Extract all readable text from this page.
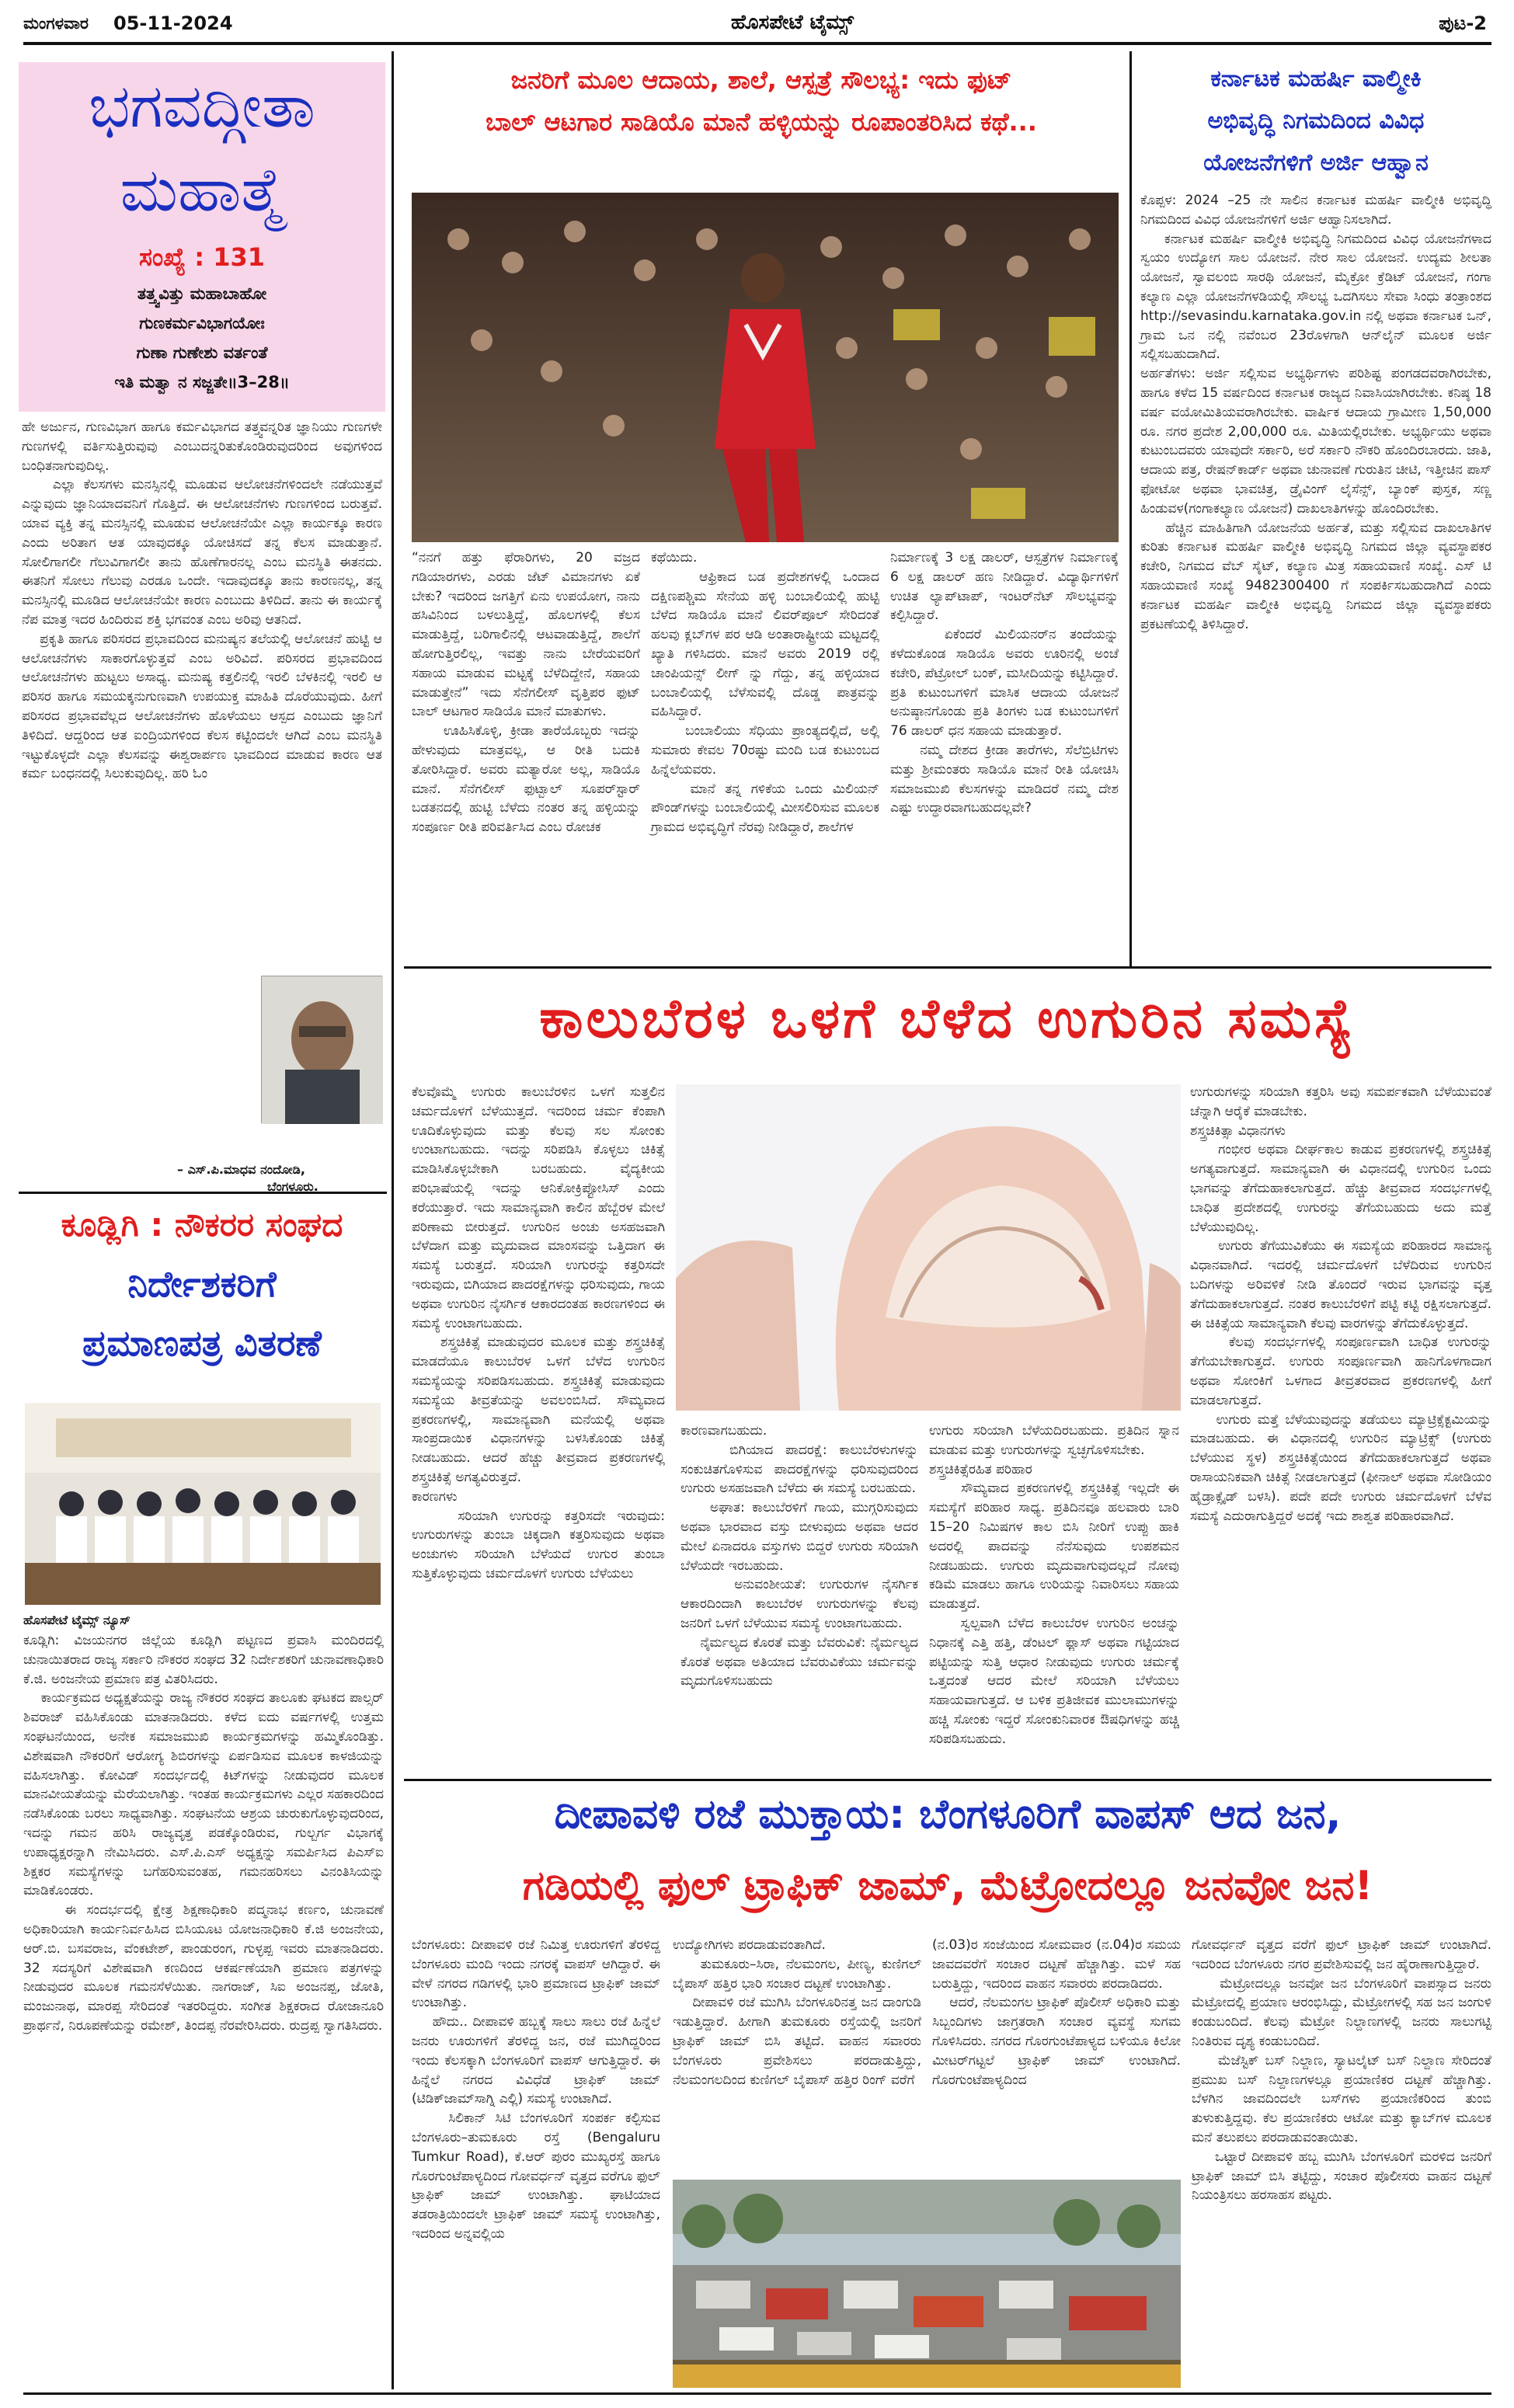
ಮಂಗಳವಾರ 05-11-2024	ಹೊಸಪೇಟೆ ಟೈಮ್ಸ್	ಪುಟ-2
ಭಗವದ್ಗೀತಾ
ಮಹಾತ್ಮೆ
ಸಂಖ್ಯೆ : 131
ತತ್ತ್ವವಿತ್ತು ಮಹಾಬಾಹೋ
ಗುಣಕರ್ಮವಿಭಾಗಯೋಃ
ಗುಣಾ ಗುಣೇಶು ವರ್ತಂತೆ
ಇತಿ ಮತ್ವಾ ನ ಸಜ್ಜತೇ॥3–28॥
ಹೇ ಅರ್ಜುನ, ಗುಣವಿಭಾಗ ಹಾಗೂ ಕರ್ಮವಿಭಾಗದ ತತ್ತ್ವವನ್ನರಿತ ಜ್ಞಾನಿಯು ಗುಣಗಳೇ ಗುಣಗಳಲ್ಲಿ ವರ್ತಿಸುತ್ತಿರುವುವು ಎಂಬುದನ್ನರಿತುಕೊಂಡಿರುವುದರಿಂದ ಅವುಗಳಿಂದ ಬಂಧಿತನಾಗುವುದಿಲ್ಲ.
ಎಲ್ಲಾ ಕೆಲಸಗಳು ಮನಸ್ಸಿನಲ್ಲಿ ಮೂಡುವ ಆಲೋಚನೆಗಳಿಂದಲೇ ನಡೆಯುತ್ತವೆ ಎನ್ನುವುದು ಜ್ಞಾನಿಯಾದವನಿಗೆ ಗೊತ್ತಿದೆ. ಈ ಆಲೋಚನೆಗಳು ಗುಣಗಳಿಂದ ಬರುತ್ತವೆ. ಯಾವ ವ್ಯಕ್ತಿ ತನ್ನ ಮನಸ್ಸಿನಲ್ಲಿ ಮೂಡುವ ಆಲೋಚನೆಯೇ ಎಲ್ಲಾ ಕಾರ್ಯಕ್ಕೂ ಕಾರಣ ಎಂದು ಅರಿತಾಗ ಆತ ಯಾವುದಕ್ಕೂ ಯೋಚಿಸದೆ ತನ್ನ ಕೆಲಸ ಮಾಡುತ್ತಾನೆ. ಸೋಲಿಗಾಗಲೀ ಗೆಲುವಿಗಾಗಲೀ ತಾನು ಹೊಣೆಗಾರನಲ್ಲ ಎಂಬ ಮನಸ್ಥಿತಿ ಈತನದು. ಈತನಿಗೆ ಸೋಲು ಗೆಲುವು ಎರಡೂ ಒಂದೇ. ಇದಾವುದಕ್ಕೂ ತಾನು ಕಾರಣನಲ್ಲ, ತನ್ನ ಮನಸ್ಸಿನಲ್ಲಿ ಮೂಡಿದ ಆಲೋಚನೆಯೇ ಕಾರಣ ಎಂಬುದು ತಿಳಿದಿದೆ. ತಾನು ಈ ಕಾರ್ಯಕ್ಕೆ ನೆಪ ಮಾತ್ರ ಇದರ ಹಿಂದಿರುವ ಶಕ್ತಿ ಭಗವಂತ ಎಂಬ ಅರಿವು ಆತನಿದೆ.
ಪ್ರಕೃತಿ ಹಾಗೂ ಪರಿಸರದ ಪ್ರಭಾವದಿಂದ ಮನುಷ್ಯನ ತಲೆಯಲ್ಲಿ ಆಲೋಚನೆ ಹುಟ್ಟಿ ಆ ಆಲೋಚನೆಗಳು ಸಾಕಾರಗೊಳ್ಳುತ್ತವೆ ಎಂಬ ಅರಿವಿದೆ. ಪರಿಸರದ ಪ್ರಭಾವದಿಂದ ಆಲೋಚನೆಗಳು ಹುಟ್ಟಲು ಅಸಾಧ್ಯ. ಮನುಷ್ಯ ಕತ್ತಲಿನಲ್ಲಿ ಇರಲಿ ಬೆಳಕಿನಲ್ಲಿ ಇರಲಿ ಆ ಪರಿಸರ ಹಾಗೂ ಸಮಯಕ್ಕನುಗುಣವಾಗಿ ಉಪಯುಕ್ತ ಮಾಹಿತಿ ದೊರೆಯುವುದು. ಹೀಗೆ ಪರಿಸರದ ಪ್ರಭಾವವೆಲ್ಲದ ಆಲೋಚನೆಗಳು ಹೊಳೆಯಲು ಆಸ್ಪದ ಎಂಬುದು ಜ್ಞಾನಿಗೆ ತಿಳಿದಿದೆ. ಆದ್ದರಿಂದ ಆತ ಐಂದ್ರಿಯಗಳಿಂದ ಕೆಲಸ ಕಟ್ಟಿಂದಲೇ ಆಗಿದೆ ಎಂಬ ಮನಸ್ಥಿತಿ ಇಟ್ಟುಕೊಳ್ಳದೇ ಎಲ್ಲಾ ಕೆಲಸವನ್ನು ಈಶ್ವರಾರ್ಪಣ ಭಾವದಿಂದ ಮಾಡುವ ಕಾರಣ ಆತ ಕರ್ಮ ಬಂಧನದಲ್ಲಿ ಸಿಲುಕುವುದಿಲ್ಲ. ಹರಿ ಓಂ
– ಎಸ್.ಪಿ.ಮಾಧವ ನಂದೋಡಿ,
ಬೆಂಗಳೂರು.
ಕೂಡ್ಲಿಗಿ : ನೌಕರರ ಸಂಘದ
ನಿರ್ದೇಶಕರಿಗೆ
ಪ್ರಮಾಣಪತ್ರ ವಿತರಣೆ
ಹೊಸಪೇಟೆ ಟೈಮ್ಸ್ ನ್ಯೂಸ್
ಕೂಡ್ಲಿಗಿ: ವಿಜಯನಗರ ಜಿಲ್ಲೆಯ ಕೂಡ್ಲಿಗಿ ಪಟ್ಟಣದ ಪ್ರವಾಸಿ ಮಂದಿರದಲ್ಲಿ ಚುನಾಯಿತರಾದ ರಾಜ್ಯ ಸರ್ಕಾರಿ ನೌಕರರ ಸಂಘದ 32 ನಿರ್ದೇಶಕರಿಗೆ ಚುನಾವಣಾಧಿಕಾರಿ ಕೆ.ಜಿ. ಅಂಜನೇಯ ಪ್ರಮಾಣ ಪತ್ರ ವಿತರಿಸಿದರು.
ಕಾರ್ಯಕ್ರಮದ ಅಧ್ಯಕ್ಷತೆಯನ್ನು ರಾಜ್ಯ ನೌಕರರ ಸಂಘದ ತಾಲೂಕು ಘಟಕದ ಪಾಲ್ಸರ್ ಶಿವರಾಜ್ ವಹಿಸಿಕೊಂಡು ಮಾತನಾಡಿದರು. ಕಳೆದ ಐದು ವರ್ಷಗಳಲ್ಲಿ ಉತ್ತಮ ಸಂಘಟನೆಯಿಂದ, ಅನೇಕ ಸಮಾಜಮುಖಿ ಕಾರ್ಯಕ್ರಮಗಳನ್ನು ಹಮ್ಮಿಕೊಂಡಿತ್ತು. ವಿಶೇಷವಾಗಿ ನೌಕರರಿಗೆ ಆರೋಗ್ಯ ಶಿಬಿರಗಳನ್ನು ಏರ್ಪಡಿಸುವ ಮೂಲಕ ಕಾಳಜಿಯನ್ನು ವಹಿಸಲಾಗಿತ್ತು. ಕೋವಿಡ್ ಸಂದರ್ಭದಲ್ಲಿ ಕಿಟ್‌ಗಳನ್ನು ನೀಡುವುದರ ಮೂಲಕ ಮಾನವೀಯತೆಯನ್ನು ಮೆರೆಯಲಾಗಿತ್ತು. ಇಂತಹ ಕಾರ್ಯಕ್ರಮಗಳು ಎಲ್ಲರ ಸಹಕಾರದಿಂದ ನಡೆಸಿಕೊಂಡು ಬರಲು ಸಾಧ್ಯವಾಗಿತ್ತು. ಸಂಘಟನೆಯ ಆಶ್ರಯ ಚುರುಕುಗೊಳ್ಳುವುದರಿಂದ, ಇದನ್ನು ಗಮನ ಹರಿಸಿ ರಾಜ್ಯವೃತ್ತ ಪಡಕ್ಕೊಂಡಿರುವ, ಗುಲ್ಬರ್ಗ ವಿಭಾಗಕ್ಕೆ ಉಪಾಧ್ಯಕ್ಷರನ್ನಾಗಿ ನೇಮಿಸಿದರು. ಎಸ್.ಪಿ.ಎಸ್ ಅಧ್ಯಕ್ಷನ್ನು ಸಮರ್ಪಿಸಿದ ಪಿಎಸ್ಐ ಶಿಕ್ಷಕರ ಸಮಸ್ಯೆಗಳನ್ನು ಬಗೆಹರಿಸುವಂತಹ, ಗಮನಹರಿಸಲು ವಿನಂತಿಸಿಯನ್ನು ಮಾಡಿಕೊಂಡರು.
ಈ ಸಂದರ್ಭದಲ್ಲಿ ಕ್ಷೇತ್ರ ಶಿಕ್ಷಣಾಧಿಕಾರಿ ಪದ್ಮನಾಭ ಕರ್ಣಂ, ಚುನಾವಣೆ ಅಧಿಕಾರಿಯಾಗಿ ಕಾರ್ಯನಿರ್ವಹಿಸಿದ ಬಿಸಿಯೂಟ ಯೋಜನಾಧಿಕಾರಿ ಕೆ.ಜಿ ಅಂಜನೇಯ, ಆರ್.ಬಿ. ಬಸವರಾಜ, ವೆಂಕಟೇಶ್, ಪಾಂಡುರಂಗ, ಗುಳ್ಳಪ್ಪ ಇವರು ಮಾತನಾಡಿದರು. 32 ಸದಸ್ಯರಿಗೆ ವಿಶೇಷವಾಗಿ ಕಣದಿಂದ ಆಕರ್ಷಣೆಯಾಗಿ ಪ್ರಮಾಣ ಪತ್ರಗಳನ್ನು ನೀಡುವುದರ ಮೂಲಕ ಗಮನಸೆಳೆಯಿತು. ನಾಗರಾಜ್, ಸಿಐ ಅಂಜನಪ್ಪ, ಜೋತಿ, ಮಂಜುನಾಥ, ಮಾರಪ್ಪ ಸೇರಿದಂತೆ ಇತರರಿದ್ದರು. ಸಂಗೀತ ಶಿಕ್ಷಕರಾದ ರೋಜಾನೂರಿ ಪ್ರಾರ್ಥನೆ, ನಿರೂಪಣೆಯನ್ನು ರಮೇಶ್, ತಿಂದಪ್ಪ ನೆರವೇರಿಸಿದರು. ರುದ್ರಪ್ಪ ಸ್ವಾಗತಿಸಿದರು.
ಜನರಿಗೆ ಮೂಲ ಆದಾಯ, ಶಾಲೆ, ಆಸ್ಪತ್ರೆ ಸೌಲಭ್ಯ: ಇದು ಫುಟ್
ಬಾಲ್ ಆಟಗಾರ ಸಾಡಿಯೊ ಮಾನೆ ಹಳ್ಳಿಯನ್ನು ರೂಪಾಂತರಿಸಿದ ಕಥೆ...
“ನನಗೆ ಹತ್ತು ಫೆರಾರಿಗಳು, 20 ವಜ್ರದ ಗಡಿಯಾರಗಳು, ಎರಡು ಜೆಟ್ ವಿಮಾನಗಳು ಏಕೆ ಬೇಕು? ಇದರಿಂದ ಜಗತ್ತಿಗೆ ಏನು ಉಪಯೋಗ, ನಾನು ಹಸಿವಿನಿಂದ ಬಳಲುತ್ತಿದ್ದೆ, ಹೊಲಗಳಲ್ಲಿ ಕೆಲಸ ಮಾಡುತ್ತಿದ್ದೆ, ಬರಿಗಾಲಿನಲ್ಲಿ ಆಟವಾಡುತ್ತಿದ್ದೆ, ಶಾಲೆಗೆ ಹೋಗುತ್ತಿರಲಿಲ್ಲ, ಇವತ್ತು ನಾನು ಬೇರೆಯವರಿಗೆ ಸಹಾಯ ಮಾಡುವ ಮಟ್ಟಕ್ಕೆ ಬೆಳೆದಿದ್ದೇನೆ, ಸಹಾಯ ಮಾಡುತ್ತೇನೆ” ಇದು ಸೆನೆಗಲೀಸ್ ವೃತ್ತಿಪರ ಫುಟ್ ಬಾಲ್ ಆಟಗಾರ ಸಾಡಿಯೊ ಮಾನೆ ಮಾತುಗಳು.
ಊಹಿಸಿಕೊಳ್ಳಿ, ಕ್ರೀಡಾ ತಾರೆಯೊಬ್ಬರು ಇದನ್ನು ಹೇಳುವುದು ಮಾತ್ರವಲ್ಲ, ಆ ರೀತಿ ಬದುಕಿ ತೋರಿಸಿದ್ದಾರೆ. ಅವರು ಮತ್ಯಾರೋ ಅಲ್ಲ, ಸಾಡಿಯೊ ಮಾನೆ. ಸೆನೆಗಲೀಸ್ ಫುಟ್ಬಾಲ್ ಸೂಪರ್‌ಸ್ಟಾರ್ ಬಡತನದಲ್ಲಿ ಹುಟ್ಟಿ ಬೆಳೆದು ನಂತರ ತನ್ನ ಹಳ್ಳಿಯನ್ನು ಸಂಪೂರ್ಣ ರೀತಿ ಪರಿವರ್ತಿಸಿದ ಎಂಬ ರೋಚಕ
ಕಥೆಯಿದು.
ಆಫ್ರಿಕಾದ ಬಡ ಪ್ರದೇಶಗಳಲ್ಲಿ ಒಂದಾದ ದಕ್ಷಿಣಪಶ್ಚಿಮ ಸೇನೆಯ ಹಳ್ಳಿ ಬಂಬಾಲಿಯಲ್ಲಿ ಹುಟ್ಟಿ ಬೆಳೆದ ಸಾಡಿಯೊ ಮಾನೆ ಲಿವರ್‌ಪೂಲ್ ಸೇರಿದಂತೆ ಹಲವು ಕ್ಲಬ್‌ಗಳ ಪರ ಆಡಿ ಅಂತಾರಾಷ್ಟ್ರೀಯ ಮಟ್ಟದಲ್ಲಿ ಖ್ಯಾತಿ ಗಳಿಸಿದರು. ಮಾನೆ ಅವರು 2019 ರಲ್ಲಿ ಚಾಂಪಿಯನ್ಸ್ ಲೀಗ್ ನ್ನು ಗೆದ್ದು, ತನ್ನ ಹಳ್ಳಿಯಾದ ಬಂಬಾಲಿಯಲ್ಲಿ ಬೆಳೆಸುವಲ್ಲಿ ದೊಡ್ಡ ಪಾತ್ರವನ್ನು ವಹಿಸಿದ್ದಾರೆ.
ಬಂಬಾಲಿಯು ಸೆಧಿಯು ಪ್ರಾಂತ್ಯದಲ್ಲಿದೆ, ಅಲ್ಲಿ ಸುಮಾರು ಕೇವಲ 70ರಷ್ಟು ಮಂದಿ ಬಡ ಕುಟುಂಬದ ಹಿನ್ನೆಲೆಯವರು.
ಮಾನೆ ತನ್ನ ಗಳಿಕೆಯ ಒಂದು ಮಿಲಿಯನ್ ಪೌಂಡ್‌ಗಳನ್ನು ಬಂಬಾಲಿಯಲ್ಲಿ ಮೀಸಲಿರಿಸುವ ಮೂಲಕ ಗ್ರಾಮದ ಅಭಿವೃದ್ಧಿಗೆ ನೆರವು ನೀಡಿದ್ದಾರೆ, ಶಾಲೆಗಳ
ನಿರ್ಮಾಣಕ್ಕೆ 3 ಲಕ್ಷ ಡಾಲರ್, ಆಸ್ಪತ್ರೆಗಳ ನಿರ್ಮಾಣಕ್ಕೆ 6 ಲಕ್ಷ ಡಾಲರ್ ಹಣ ನೀಡಿದ್ದಾರೆ. ವಿದ್ಯಾರ್ಥಿಗಳಿಗೆ ಉಚಿತ ಲ್ಯಾಪ್‌ಟಾಪ್, ಇಂಟರ್‌ನೆಟ್ ಸೌಲಭ್ಯವನ್ನು ಕಲ್ಪಿಸಿದ್ದಾರೆ.
ಏಕೆಂದರೆ ಮಿಲಿಯನರ್‌ನ ತಂದೆಯನ್ನು ಕಳೆದುಕೊಂಡ ಸಾಡಿಯೊ ಅವರು ಊರಿನಲ್ಲಿ ಅಂಚೆ ಕಚೇರಿ, ಪೆಟ್ರೋಲ್ ಬಂಕ್, ಮಸೀದಿಯನ್ನು ಕಟ್ಟಿಸಿದ್ದಾರೆ. ಪ್ರತಿ ಕುಟುಂಬಗಳಿಗೆ ಮಾಸಿಕ ಆದಾಯ ಯೋಜನೆ ಅನುಷ್ಠಾನಗೊಂಡು ಪ್ರತಿ ತಿಂಗಳು ಬಡ ಕುಟುಂಬಗಳಿಗೆ 76 ಡಾಲರ್ ಧನ ಸಹಾಯ ಮಾಡುತ್ತಾರೆ.
ನಮ್ಮ ದೇಶದ ಕ್ರೀಡಾ ತಾರೆಗಳು, ಸೆಲೆಬ್ರಿಟಿಗಳು ಮತ್ತು ಶ್ರೀಮಂತರು ಸಾಡಿಯೊ ಮಾನೆ ರೀತಿ ಯೋಚಿಸಿ ಸಮಾಜಮುಖಿ ಕೆಲಸಗಳನ್ನು ಮಾಡಿದರೆ ನಮ್ಮ ದೇಶ ಎಷ್ಟು ಉದ್ಧಾರವಾಗಬಹುದಲ್ಲವೇ?
ಕರ್ನಾಟಕ ಮಹರ್ಷಿ ವಾಲ್ಮೀಕಿ
ಅಭಿವೃದ್ಧಿ ನಿಗಮದಿಂದ ವಿವಿಧ
ಯೋಜನೆಗಳಿಗೆ ಅರ್ಜಿ ಆಹ್ವಾನ
ಕೊಪ್ಪಳ: 2024 –25 ನೇ ಸಾಲಿನ ಕರ್ನಾಟಕ ಮಹರ್ಷಿ ವಾಲ್ಮೀಕಿ ಅಭಿವೃದ್ಧಿ ನಿಗಮದಿಂದ ವಿವಿಧ ಯೋಜನೆಗಳಿಗೆ ಅರ್ಜಿ ಆಹ್ವಾನಿಸಲಾಗಿದೆ.
ಕರ್ನಾಟಕ ಮಹರ್ಷಿ ವಾಲ್ಮೀಕಿ ಅಭಿವೃದ್ಧಿ ನಿಗಮದಿಂದ ವಿವಿಧ ಯೋಜನೆಗಳಾದ ಸ್ವಯಂ ಉದ್ಯೋಗ ಸಾಲ ಯೋಜನೆ. ನೇರ ಸಾಲ ಯೋಜನೆ. ಉದ್ಯಮ ಶೀಲತಾ ಯೋಜನೆ, ಸ್ವಾವಲಂಬಿ ಸಾರಥಿ ಯೋಜನೆ, ಮೈಕ್ರೋ ಕ್ರೆಡಿಟ್ ಯೋಜನೆ, ಗಂಗಾ ಕಲ್ಯಾಣ ಎಲ್ಲಾ ಯೋಜನೆಗಳಡಿಯಲ್ಲಿ ಸೌಲಭ್ಯ ಒದಗಿಸಲು ಸೇವಾ ಸಿಂಧು ತಂತ್ರಾಂಶದ http://sevasindu.karnataka.gov.in ನಲ್ಲಿ ಅಥವಾ ಕರ್ನಾಟಕ ಒನ್, ಗ್ರಾಮ ಒನ ನಲ್ಲಿ ನವೆಂಬರ 23ರೊಳಗಾಗಿ ಆನ್‌ಲೈನ್ ಮೂಲಕ ಅರ್ಜಿ ಸಲ್ಲಿಸಬಹುದಾಗಿದೆ.
ಅರ್ಹತೆಗಳು: ಅರ್ಜಿ ಸಲ್ಲಿಸುವ ಅಭ್ಯರ್ಥಿಗಳು ಪರಿಶಿಷ್ಟ ಪಂಗಡದವರಾಗಿರಬೇಕು, ಹಾಗೂ ಕಳೆದ 15 ವರ್ಷದಿಂದ ಕರ್ನಾಟಕ ರಾಜ್ಯದ ನಿವಾಸಿಯಾಗಿರಬೇಕು. ಕನಿಷ್ಠ 18 ವರ್ಷ ವಯೋಮಿತಿಯವರಾಗಿರಬೇಕು. ವಾರ್ಷಿಕ ಆದಾಯ ಗ್ರಾಮೀಣ 1,50,000 ರೂ. ನಗರ ಪ್ರದೇಶ 2,00,000 ರೂ. ಮಿತಿಯಲ್ಲಿರಬೇಕು. ಅಭ್ಯರ್ಥಿಯು ಅಥವಾ ಕುಟುಂಬದವರು ಯಾವುದೇ ಸರ್ಕಾರಿ, ಅರೆ ಸರ್ಕಾರಿ ನೌಕರಿ ಹೊಂದಿರಬಾರದು. ಜಾತಿ, ಆದಾಯ ಪತ್ರ, ರೇಷನ್‌ಕಾರ್ಡ್ ಅಥವಾ ಚುನಾವಣೆ ಗುರುತಿನ ಚೀಟಿ, ಇತ್ತೀಚಿನ ಪಾಸ್ ಫೋಟೋ ಅಥವಾ ಭಾವಚಿತ್ರ, ಡ್ರೈವಿಂಗ್ ಲೈಸೆನ್ಸ್, ಬ್ಯಾಂಕ್ ಪುಸ್ತಕ, ಸಣ್ಣ ಹಿಂಡುವಳ(ಗಂಗಾಕಲ್ಯಾಣ ಯೋಜನೆ) ದಾಖಲಾತಿಗಳನ್ನು ಹೊಂದಿರಬೇಕು.
ಹೆಚ್ಚಿನ ಮಾಹಿತಿಗಾಗಿ ಯೋಜನೆಯ ಅರ್ಹತೆ, ಮತ್ತು ಸಲ್ಲಿಸುವ ದಾಖಲಾತಿಗಳ ಕುರಿತು ಕರ್ನಾಟಕ ಮಹರ್ಷಿ ವಾಲ್ಮೀಕಿ ಅಭಿವೃದ್ಧಿ ನಿಗಮದ ಜಿಲ್ಲಾ ವ್ಯವಸ್ಥಾಪಕರ ಕಚೇರಿ, ನಿಗಮದ ವೆಬ್ ಸೈಟ್, ಕಲ್ಯಾಣ ಮಿತ್ರ ಸಹಾಯವಾಣಿ ಸಂಖ್ಯೆ. ಎಸ್ ಟಿ ಸಹಾಯವಾಣಿ ಸಂಖ್ಯೆ 9482300400 ಗೆ ಸಂಪರ್ಕಿಸಬಹುದಾಗಿದೆ ಎಂದು ಕರ್ನಾಟಕ ಮಹರ್ಷಿ ವಾಲ್ಮೀಕಿ ಅಭಿವೃದ್ಧಿ ನಿಗಮದ ಜಿಲ್ಲಾ ವ್ಯವಸ್ಥಾಪಕರು ಪ್ರಕಟಣೆಯಲ್ಲಿ ತಿಳಿಸಿದ್ದಾರೆ.
ಕಾಲುಬೆರಳ ಒಳಗೆ ಬೆಳೆದ ಉಗುರಿನ ಸಮಸ್ಯೆ
ಕೆಲವೊಮ್ಮೆ ಉಗುರು ಕಾಲುಬೆರಳಿನ ಒಳಗೆ ಸುತ್ತಲಿನ ಚರ್ಮದೊಳಗೆ ಬೆಳೆಯುತ್ತದೆ. ಇದರಿಂದ ಚರ್ಮ ಕೆಂಪಾಗಿ ಊದಿಕೊಳ್ಳುವುದು ಮತ್ತು ಕೆಲವು ಸಲ ಸೋಂಕು ಉಂಟಾಗಬಹುದು. ಇದನ್ನು ಸರಿಪಡಿಸಿ ಕೊಳ್ಳಲು ಚಿಕಿತ್ಸೆ ಮಾಡಿಸಿಕೊಳ್ಳಬೇಕಾಗಿ ಬರಬಹುದು. ವೈದ್ಯಕೀಯ ಪರಿಭಾಷೆಯಲ್ಲಿ ಇದನ್ನು ಆನಿಕೋಕ್ರಿಪ್ಟೋಸಿಸ್ ಎಂದು ಕರೆಯುತ್ತಾರೆ. ಇದು ಸಾಮಾನ್ಯವಾಗಿ ಕಾಲಿನ ಹೆಬ್ಬೆರಳ ಮೇಲೆ ಪರಿಣಾಮ ಬೀರುತ್ತದೆ. ಉಗುರಿನ ಅಂಚು ಅಸಹಜವಾಗಿ ಬೆಳೆದಾಗ ಮತ್ತು ಮೃದುವಾದ ಮಾಂಸವನ್ನು ಒತ್ತಿದಾಗ ಈ ಸಮಸ್ಯೆ ಬರುತ್ತದೆ. ಸರಿಯಾಗಿ ಉಗುರನ್ನು ಕತ್ತರಿಸದೇ ಇರುವುದು, ಬಿಗಿಯಾದ ಪಾದರಕ್ಷೆಗಳನ್ನು ಧರಿಸುವುದು, ಗಾಯ ಅಥವಾ ಉಗುರಿನ ನೈಸರ್ಗಿಕ ಆಕಾರದಂತಹ ಕಾರಣಗಳಿಂದ ಈ ಸಮಸ್ಯೆ ಉಂಟಾಗಬಹುದು.
ಶಸ್ತ್ರಚಿಕಿತ್ಸೆ ಮಾಡುವುದರ ಮೂಲಕ ಮತ್ತು ಶಸ್ತ್ರಚಿಕಿತ್ಸೆ ಮಾಡದೆಯೂ ಕಾಲುಬೆರಳ ಒಳಗೆ ಬೆಳೆದ ಉಗುರಿನ ಸಮಸ್ಯೆಯನ್ನು ಸರಿಪಡಿಸಬಹುದು. ಶಸ್ತ್ರಚಿಕಿತ್ಸೆ ಮಾಡುವುದು ಸಮಸ್ಯೆಯ ತೀವ್ರತೆಯನ್ನು ಅವಲಂಬಿಸಿದೆ. ಸೌಮ್ಯವಾದ ಪ್ರಕರಣಗಳಲ್ಲಿ, ಸಾಮಾನ್ಯವಾಗಿ ಮನೆಯಲ್ಲಿ ಅಥವಾ ಸಾಂಪ್ರದಾಯಿಕ ವಿಧಾನಗಳನ್ನು ಬಳಸಿಕೊಂಡು ಚಿಕಿತ್ಸೆ ನೀಡಬಹುದು. ಆದರೆ ಹೆಚ್ಚು ತೀವ್ರವಾದ ಪ್ರಕರಣಗಳಲ್ಲಿ ಶಸ್ತ್ರಚಿಕಿತ್ಸೆ ಅಗತ್ಯವಿರುತ್ತದೆ.
ಕಾರಣಗಳು
ಸರಿಯಾಗಿ ಉಗುರನ್ನು ಕತ್ತರಿಸದೇ ಇರುವುದು: ಉಗುರುಗಳನ್ನು ತುಂಬಾ ಚಿಕ್ಕದಾಗಿ ಕತ್ತರಿಸುವುದು ಅಥವಾ ಅಂಚುಗಳು ಸರಿಯಾಗಿ ಬೆಳೆಯದೆ ಉಗುರ ತುಂಬಾ ಸುತ್ತಿಕೊಳ್ಳುವುದು ಚರ್ಮದೊಳಗೆ ಉಗುರು ಬೆಳೆಯಲು
ಕಾರಣವಾಗಬಹುದು.
ಬಿಗಿಯಾದ ಪಾದರಕ್ಷೆ: ಕಾಲುಬೆರಳುಗಳನ್ನು ಸಂಕುಚಿತಗೊಳಿಸುವ ಪಾದರಕ್ಷೆಗಳನ್ನು ಧರಿಸುವುದರಿಂದ ಉಗುರು ಅಸಹಜವಾಗಿ ಬೆಳೆದು ಈ ಸಮಸ್ಯೆ ಬರಬಹುದು.
ಅಘಾತ: ಕಾಲುಬೆರಳಿಗೆ ಗಾಯ, ಮುಗ್ಗರಿಸುವುದು ಅಥವಾ ಭಾರವಾದ ವಸ್ತು ಬೀಳುವುದು ಅಥವಾ ಆದರ ಮೇಲೆ ಏನಾದರೂ ವಸ್ತುಗಳು ಬಿದ್ದರೆ ಉಗುರು ಸರಿಯಾಗಿ ಬೆಳೆಯದೇ ಇರಬಹುದು.
ಅನುವಂಶೀಯತೆ: ಉಗುರುಗಳ ನೈಸರ್ಗಿಕ ಆಕಾರದಿಂದಾಗಿ ಕಾಲುಬೆರಳ ಉಗುರುಗಳನ್ನು ಕೆಲವು ಜನರಿಗೆ ಒಳಗೆ ಬೆಳೆಯುವ ಸಮಸ್ಯೆ ಉಂಟಾಗಬಹುದು.
ನೈರ್ಮಲ್ಯದ ಕೊರತೆ ಮತ್ತು ಬೆವರುವಿಕೆ: ನೈರ್ಮಲ್ಯದ ಕೊರತೆ ಅಥವಾ ಅತಿಯಾದ ಬೆವರುವಿಕೆಯು ಚರ್ಮವನ್ನು ಮೃದುಗೊಳಿಸಬಹುದು
ಉಗುರು ಸರಿಯಾಗಿ ಬೆಳೆಯದಿರಬಹುದು. ಪ್ರತಿದಿನ ಸ್ನಾನ ಮಾಡುವ ಮತ್ತು ಉಗುರುಗಳನ್ನು ಸ್ವಚ್ಛಗೊಳಿಸಬೇಕು.
ಶಸ್ತ್ರಚಿಕಿತ್ಸೆರಹಿತ ಪರಿಹಾರ
ಸೌಮ್ಯವಾದ ಪ್ರಕರಣಗಳಲ್ಲಿ ಶಸ್ತ್ರಚಿಕಿತ್ಸೆ ಇಲ್ಲದೇ ಈ ಸಮಸ್ಯೆಗೆ ಪರಿಹಾರ ಸಾಧ್ಯ. ಪ್ರತಿದಿನವೂ ಹಲವಾರು ಬಾರಿ 15–20 ನಿಮಿಷಗಳ ಕಾಲ ಬಿಸಿ ನೀರಿಗೆ ಉಪ್ಪು ಹಾಕಿ ಅದರಲ್ಲಿ ಪಾದವನ್ನು ನೆನೆಸುವುದು ಉಪಶಮನ ನೀಡಬಹುದು. ಉಗುರು ಮೃದುವಾಗುವುದಲ್ಲದೆ ನೋವು ಕಡಿಮೆ ಮಾಡಲು ಹಾಗೂ ಉರಿಯನ್ನು ನಿವಾರಿಸಲು ಸಹಾಯ ಮಾಡುತ್ತದೆ.
ಸ್ವಲ್ಪವಾಗಿ ಬೆಳೆದ ಕಾಲುಬೆರಳ ಉಗುರಿನ ಅಂಚನ್ನು ನಿಧಾನಕ್ಕೆ ಎತ್ತಿ ಹತ್ತಿ, ಡೆಂಟಲ್ ಫ್ಲಾಸ್ ಅಥವಾ ಗಟ್ಟಿಯಾದ ಪಟ್ಟಿಯನ್ನು ಸುತ್ತಿ ಆಧಾರ ನೀಡುವುದು ಉಗುರು ಚರ್ಮಕ್ಕೆ ಒತ್ತದಂತೆ ಆದರ ಮೇಲೆ ಸರಿಯಾಗಿ ಬೆಳೆಯಲು ಸಹಾಯವಾಗುತ್ತದೆ. ಆ ಬಳಿಕ ಪ್ರತಿಜೀವಕ ಮುಲಾಮುಗಳನ್ನು ಹಚ್ಚಿ ಸೋಂಕು ಇದ್ದರೆ ಸೋಂಕುನಿವಾರಕ ಔಷಧಿಗಳನ್ನು ಹಚ್ಚಿ ಸರಿಪಡಿಸಬಹುದು.
ಉಗುರುಗಳನ್ನು ಸರಿಯಾಗಿ ಕತ್ತರಿಸಿ ಅವು ಸಮರ್ಪಕವಾಗಿ ಬೆಳೆಯುವಂತೆ ಚೆನ್ನಾಗಿ ಆರೈಕೆ ಮಾಡಬೇಕು.
ಶಸ್ತ್ರಚಿಕಿತ್ಸಾ ವಿಧಾನಗಳು
ಗಂಭೀರ ಅಥವಾ ದೀರ್ಘಕಾಲ ಕಾಡುವ ಪ್ರಕರಣಗಳಲ್ಲಿ ಶಸ್ತ್ರಚಿಕಿತ್ಸೆ ಅಗತ್ಯವಾಗುತ್ತದೆ. ಸಾಮಾನ್ಯವಾಗಿ ಈ ವಿಧಾನದಲ್ಲಿ ಉಗುರಿನ ಒಂದು ಭಾಗವನ್ನು ತೆಗೆದುಹಾಕಲಾಗುತ್ತದೆ. ಹೆಚ್ಚು ತೀವ್ರವಾದ ಸಂದರ್ಭಗಳಲ್ಲಿ ಬಾಧಿತ ಪ್ರದೇಶದಲ್ಲಿ ಉಗುರನ್ನು ತೆಗೆಯಬಹುದು ಅದು ಮತ್ತೆ ಬೆಳೆಯುವುದಿಲ್ಲ.
ಉಗುರು ತೆಗೆಯುವಿಕೆಯು ಈ ಸಮಸ್ಯೆಯ ಪರಿಹಾರದ ಸಾಮಾನ್ಯ ವಿಧಾನವಾಗಿದೆ. ಇದರಲ್ಲಿ ಚರ್ಮದೊಳಗೆ ಬೆಳೆದಿರುವ ಉಗುರಿನ ಬದಿಗಳನ್ನು ಅರಿವಳಿಕೆ ನೀಡಿ ತೊಂದರೆ ಇರುವ ಭಾಗವನ್ನು ವೃತ್ತ ತೆಗೆದುಹಾಕಲಾಗುತ್ತದೆ. ನಂತರ ಕಾಲುಬೆರಳಿಗೆ ಪಟ್ಟಿ ಕಟ್ಟಿ ರಕ್ಷಿಸಲಾಗುತ್ತದೆ. ಈ ಚಿಕಿತ್ಸೆಯ ಸಾಮಾನ್ಯವಾಗಿ ಕೆಲವು ವಾರಗಳನ್ನು ತೆಗೆದುಕೊಳ್ಳುತ್ತದೆ.
ಕೆಲವು ಸಂದರ್ಭಗಳಲ್ಲಿ ಸಂಪೂರ್ಣವಾಗಿ ಬಾಧಿತ ಉಗುರನ್ನು ತೆಗೆಯಬೇಕಾಗುತ್ತದೆ. ಉಗುರು ಸಂಪೂರ್ಣವಾಗಿ ಹಾನಿಗೊಳಗಾದಾಗ ಅಥವಾ ಸೋಂಕಿಗೆ ಒಳಗಾದ ತೀವ್ರತರವಾದ ಪ್ರಕರಣಗಳಲ್ಲಿ ಹೀಗೆ ಮಾಡಲಾಗುತ್ತದೆ.
ಉಗುರು ಮತ್ತೆ ಬೆಳೆಯುವುದನ್ನು ತಡೆಯಲು ಮ್ಯಾಟ್ರಿಕ್ಸೆಕ್ಟಮಿಯನ್ನು ಮಾಡಬಹುದು. ಈ ವಿಧಾನದಲ್ಲಿ ಉಗುರಿನ ಮ್ಯಾಟ್ರಿಕ್ಸ್ (ಉಗುರು ಬೆಳೆಯುವ ಸ್ಥಳ) ಶಸ್ತ್ರಚಿಕಿತ್ಸೆಯಿಂದ ತೆಗೆದುಹಾಕಲಾಗುತ್ತದೆ ಅಥವಾ ರಾಸಾಯನಿಕವಾಗಿ ಚಿಕಿತ್ಸೆ ನೀಡಲಾಗುತ್ತದೆ (ಫೀನಾಲ್ ಅಥವಾ ಸೋಡಿಯಂ ಹೈಡ್ರಾಕ್ಸೈಡ್ ಬಳಸಿ). ಪದೇ ಪದೇ ಉಗುರು ಚರ್ಮದೊಳಗೆ ಬೆಳೆವ ಸಮಸ್ಯೆ ಎದುರಾಗುತ್ತಿದ್ದರೆ ಅದಕ್ಕೆ ಇದು ಶಾಶ್ವತ ಪರಿಹಾರವಾಗಿದೆ.
ದೀಪಾವಳಿ ರಜೆ ಮುಕ್ತಾಯ: ಬೆಂಗಳೂರಿಗೆ ವಾಪಸ್ ಆದ ಜನ,
ಗಡಿಯಲ್ಲಿ ಫುಲ್ ಟ್ರಾಫಿಕ್ ಜಾಮ್, ಮೆಟ್ರೋದಲ್ಲೂ ಜನವೋ ಜನ!
ಬೆಂಗಳೂರು: ದೀಪಾವಳಿ ರಜೆ ನಿಮಿತ್ತ ಊರುಗಳಿಗೆ ತೆರಳಿದ್ದ ಬೆಂಗಳೂರು ಮಂದಿ ಇಂದು ನಗರಕ್ಕೆ ವಾಪಸ್ ಆಗಿದ್ದಾರೆ. ಈ ವೇಳೆ ನಗರದ ಗಡಿಗಳಲ್ಲಿ ಭಾರಿ ಪ್ರಮಾಣದ ಟ್ರಾಫಿಕ್ ಜಾಮ್ ಉಂಟಾಗಿತ್ತು.
ಹೌದು.. ದೀಪಾವಳಿ ಹಬ್ಬಕ್ಕೆ ಸಾಲು ಸಾಲು ರಜೆ ಹಿನ್ನೆಲೆ ಜನರು ಊರುಗಳಿಗೆ ತೆರಳಿದ್ದ ಜನ, ರಜೆ ಮುಗಿದ್ದರಿಂದ ಇಂದು ಕೆಲಸಕ್ಕಾಗಿ ಬೆಂಗಳೂರಿಗೆ ವಾಪಸ್ ಆಗುತ್ತಿದ್ದಾರೆ. ಈ ಹಿನ್ನೆಲೆ ನಗರದ ವಿವಿಧೆಡೆ ಟ್ರಾಫಿಕ್ ಜಾಮ್ (ಟಿಡಿಕ್‌ಜಾಮ್‌ಸಾಗ್ನಿ ಎಲ್ಲಿ) ಸಮಸ್ಯೆ ಉಂಟಾಗಿದೆ.
ಸಿಲಿಕಾನ್ ಸಿಟಿ ಬೆಂಗಳೂರಿಗೆ ಸಂಪರ್ಕ ಕಲ್ಪಿಸುವ ಬೆಂಗಳೂರು–ತುಮಕೂರು ರಸ್ತೆ (Bengaluru Tumkur Road), ಕೆ.ಆರ್ ಪುರಂ ಮುಖ್ಯರಸ್ತೆ ಹಾಗೂ ಗೊರಗುಂಟೆಪಾಳ್ಯದಿಂದ ಗೋವರ್ಧನ್ ವೃತ್ತದ ವರೆಗೂ ಫುಲ್ ಟ್ರಾಫಿಕ್ ಜಾಮ್ ಉಂಟಾಗಿತ್ತು. ಘಾಟಿಯಾದ ತಡರಾತ್ರಿಯಿಂದಲೇ ಟ್ರಾಫಿಕ್ ಜಾಮ್ ಸಮಸ್ಯೆ ಉಂಟಾಗಿತ್ತು, ಇದರಿಂದ ಅನ್ನವಲ್ಲಿಯ
ಉದ್ಯೋಗಿಗಳು ಪರದಾಡುವಂತಾಗಿದೆ.
ತುಮಕೂರು–ಸಿರಾ, ನೆಲಮಂಗಲ, ಪೀಣ್ಯ, ಕುಣಿಗಲ್ ಬೈಪಾಸ್ ಹತ್ತಿರ ಭಾರಿ ಸಂಚಾರ ದಟ್ಟಣೆ ಉಂಟಾಗಿತ್ತು.
ದೀಪಾವಳಿ ರಜೆ ಮುಗಿಸಿ ಬೆಂಗಳೂರಿನತ್ತ ಜನ ದಾಂಗುಡಿ ಇಡುತ್ತಿದ್ದಾರೆ. ಹೀಗಾಗಿ ತುಮಕೂರು ರಸ್ತೆಯಲ್ಲಿ ಜನರಿಗೆ ಟ್ರಾಫಿಕ್ ಜಾಮ್ ಬಿಸಿ ತಟ್ಟಿದೆ. ವಾಹನ ಸವಾರರು ಬೆಂಗಳೂರು ಪ್ರವೇಶಿಸಲು ಪರದಾಡುತ್ತಿದ್ದು, ನೆಲಮಂಗಲದಿಂದ ಕುಣಿಗಲ್ ಬೈಪಾಸ್ ಹತ್ತಿರ ರಿಂಗ್ ವರೆಗೆ
(ನ.03)ರ ಸಂಜೆಯಿಂದ ಸೋಮವಾರ (ನ.04)ರ ಸಮಯ ಜಾವದವರೆಗೆ ಸಂಚಾರ ದಟ್ಟಣೆ ಹೆಚ್ಚಾಗಿತ್ತು. ಮಳೆ ಸಹ ಬರುತ್ತಿದ್ದು, ಇದರಿಂದ ವಾಹನ ಸವಾರರು ಪರದಾಡಿದರು.
ಆದರೆ, ನೆಲಮಂಗಲ ಟ್ರಾಫಿಕ್ ಪೊಲೀಸ್ ಅಧಿಕಾರಿ ಮತ್ತು ಸಿಬ್ಬಂದಿಗಳು ಜಾಗ್ರತರಾಗಿ ಸಂಚಾರ ವ್ಯವಸ್ಥೆ ಸುಗಮ ಗೊಳಿಸಿದರು. ನಗರದ ಗೊರಗುಂಟೆಪಾಳ್ಯದ ಬಳಿಯೂ ಕಿಲೋ ಮೀಟರ್‌ಗಟ್ಟಲೆ ಟ್ರಾಫಿಕ್ ಜಾಮ್ ಉಂಟಾಗಿದೆ. ಗೊರಗುಂಟೆಪಾಳ್ಯದಿಂದ
ಗೋವರ್ಧನ್ ವೃತ್ತದ ವರೆಗೆ ಫುಲ್ ಟ್ರಾಫಿಕ್ ಜಾಮ್ ಉಂಟಾಗಿದೆ. ಇದರಿಂದ ಬೆಂಗಳೂರು ನಗರ ಪ್ರವೇಶಿಸುವಲ್ಲಿ ಜನ ಹೈರಾಣಾಗುತ್ತಿದ್ದಾರೆ.
ಮೆಟ್ರೋದಲ್ಲೂ ಜನವೋ ಜನ ಬೆಂಗಳೂರಿಗೆ ವಾಪಸ್ಸಾದ ಜನರು ಮೆಟ್ರೋದಲ್ಲಿ ಪ್ರಯಾಣ ಆರಂಭಿಸಿದ್ದು, ಮೆಟ್ರೋಗಳಲ್ಲಿ ಸಹ ಜನ ಜಂಗುಳಿ ಕಂಡುಬಂದಿದೆ. ಕೆಲವು ಮೆಟ್ರೋ ನಿಲ್ದಾಣಗಳಲ್ಲಿ ಜನರು ಸಾಲುಗಟ್ಟಿ ನಿಂತಿರುವ ದೃಶ್ಯ ಕಂಡುಬಂದಿದೆ.
ಮೆಜೆಸ್ಟಿಕ್ ಬಸ್ ನಿಲ್ದಾಣ, ಸ್ಯಾಟಲೈಟ್ ಬಸ್ ನಿಲ್ದಾಣ ಸೇರಿದಂತೆ ಪ್ರಮುಖ ಬಸ್ ನಿಲ್ದಾಣಗಳಲ್ಲೂ ಪ್ರಯಾಣಿಕರ ದಟ್ಟಣೆ ಹೆಚ್ಚಾಗಿತ್ತು. ಬೆಳಗಿನ ಜಾವದಿಂದಲೇ ಬಸ್‌ಗಳು ಪ್ರಯಾಣಿಕರಿಂದ ತುಂಬಿ ತುಳುಕುತ್ತಿದ್ದವು. ಕೆಲ ಪ್ರಯಾಣಿಕರು ಆಟೋ ಮತ್ತು ಕ್ಯಾಬ್‌ಗಳ ಮೂಲಕ ಮನೆ ತಲುಪಲು ಪರದಾಡುವಂತಾಯಿತು.
ಒಟ್ಟಾರೆ ದೀಪಾವಳಿ ಹಬ್ಬ ಮುಗಿಸಿ ಬೆಂಗಳೂರಿಗೆ ಮರಳಿದ ಜನರಿಗೆ ಟ್ರಾಫಿಕ್ ಜಾಮ್ ಬಿಸಿ ತಟ್ಟಿದ್ದು, ಸಂಚಾರ ಪೊಲೀಸರು ವಾಹನ ದಟ್ಟಣೆ ನಿಯಂತ್ರಿಸಲು ಹರಸಾಹಸ ಪಟ್ಟರು.
